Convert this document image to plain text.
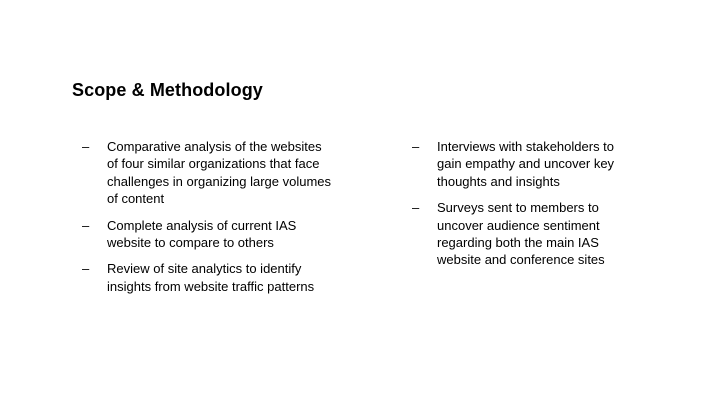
Scope & Methodology
–	Comparative analysis of the websites of four similar organizations that face challenges in organizing large volumes of content
–	Complete analysis of current IAS website to compare to others
–	Review of site analytics to identify insights from website traffic patterns
–	Interviews with stakeholders to gain empathy and uncover key thoughts and insights
–	Surveys sent to members to uncover audience sentiment regarding both the main IAS website and conference sites
